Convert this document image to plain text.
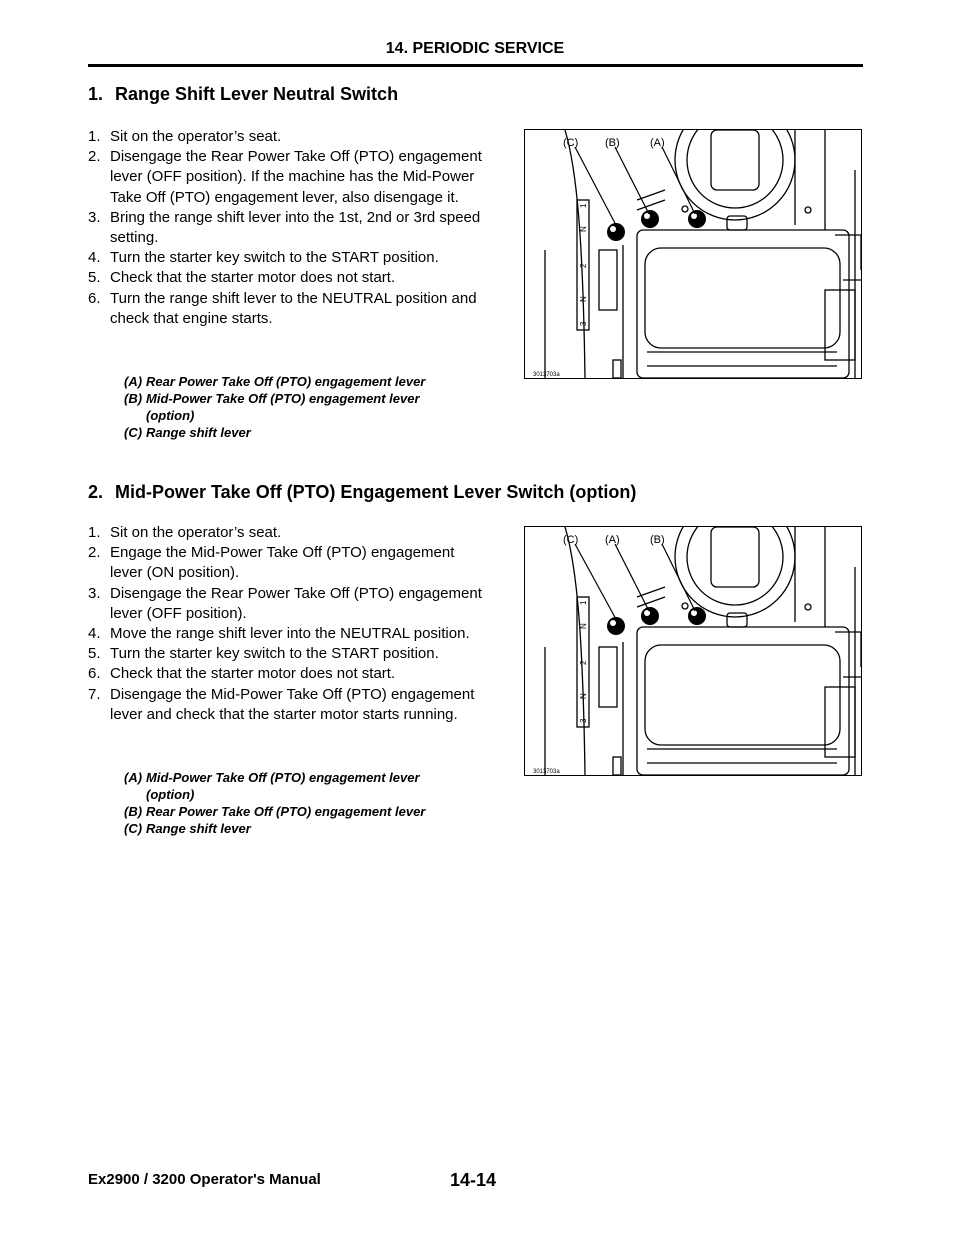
14. PERIODIC SERVICE
1. Range Shift Lever Neutral Switch
1. Sit on the operator’s seat.
2. Disengage the Rear Power Take Off (PTO) engagement lever (OFF position). If the machine has the Mid-Power Take Off (PTO) engagement lever, also disengage it.
3. Bring the range shift lever into the 1st, 2nd or 3rd speed setting.
4. Turn the starter key switch to the START position.
5. Check that the starter motor does not start.
6. Turn the range shift lever to the NEUTRAL position and check that engine starts.
(A) Rear Power Take Off (PTO) engagement lever
(B) Mid-Power Take Off (PTO) engagement lever (option)
(C) Range shift lever
(C) (B)	(A)
1
N
2
N
3
3013703a
2. Mid-Power Take Off (PTO) Engagement Lever Switch (option)
1. Sit on the operator’s seat.
2. Engage the Mid-Power Take Off (PTO) engagement lever (ON position).
3. Disengage the Rear Power Take Off (PTO) engagement lever (OFF position).
4. Move the range shift lever into the NEUTRAL position.
5. Turn the starter key switch to the START position.
6. Check that the starter motor does not start.
7. Disengage the Mid-Power Take Off (PTO) engagement lever and check that the starter motor starts running.
(A) Mid-Power Take Off (PTO) engagement lever (option)
(B) Rear Power Take Off (PTO) engagement lever
(C) Range shift lever
(C) (A)	(B)
1
N
2
N
3
3013703a
Ex2900 / 3200 Operator's Manual	14-14
